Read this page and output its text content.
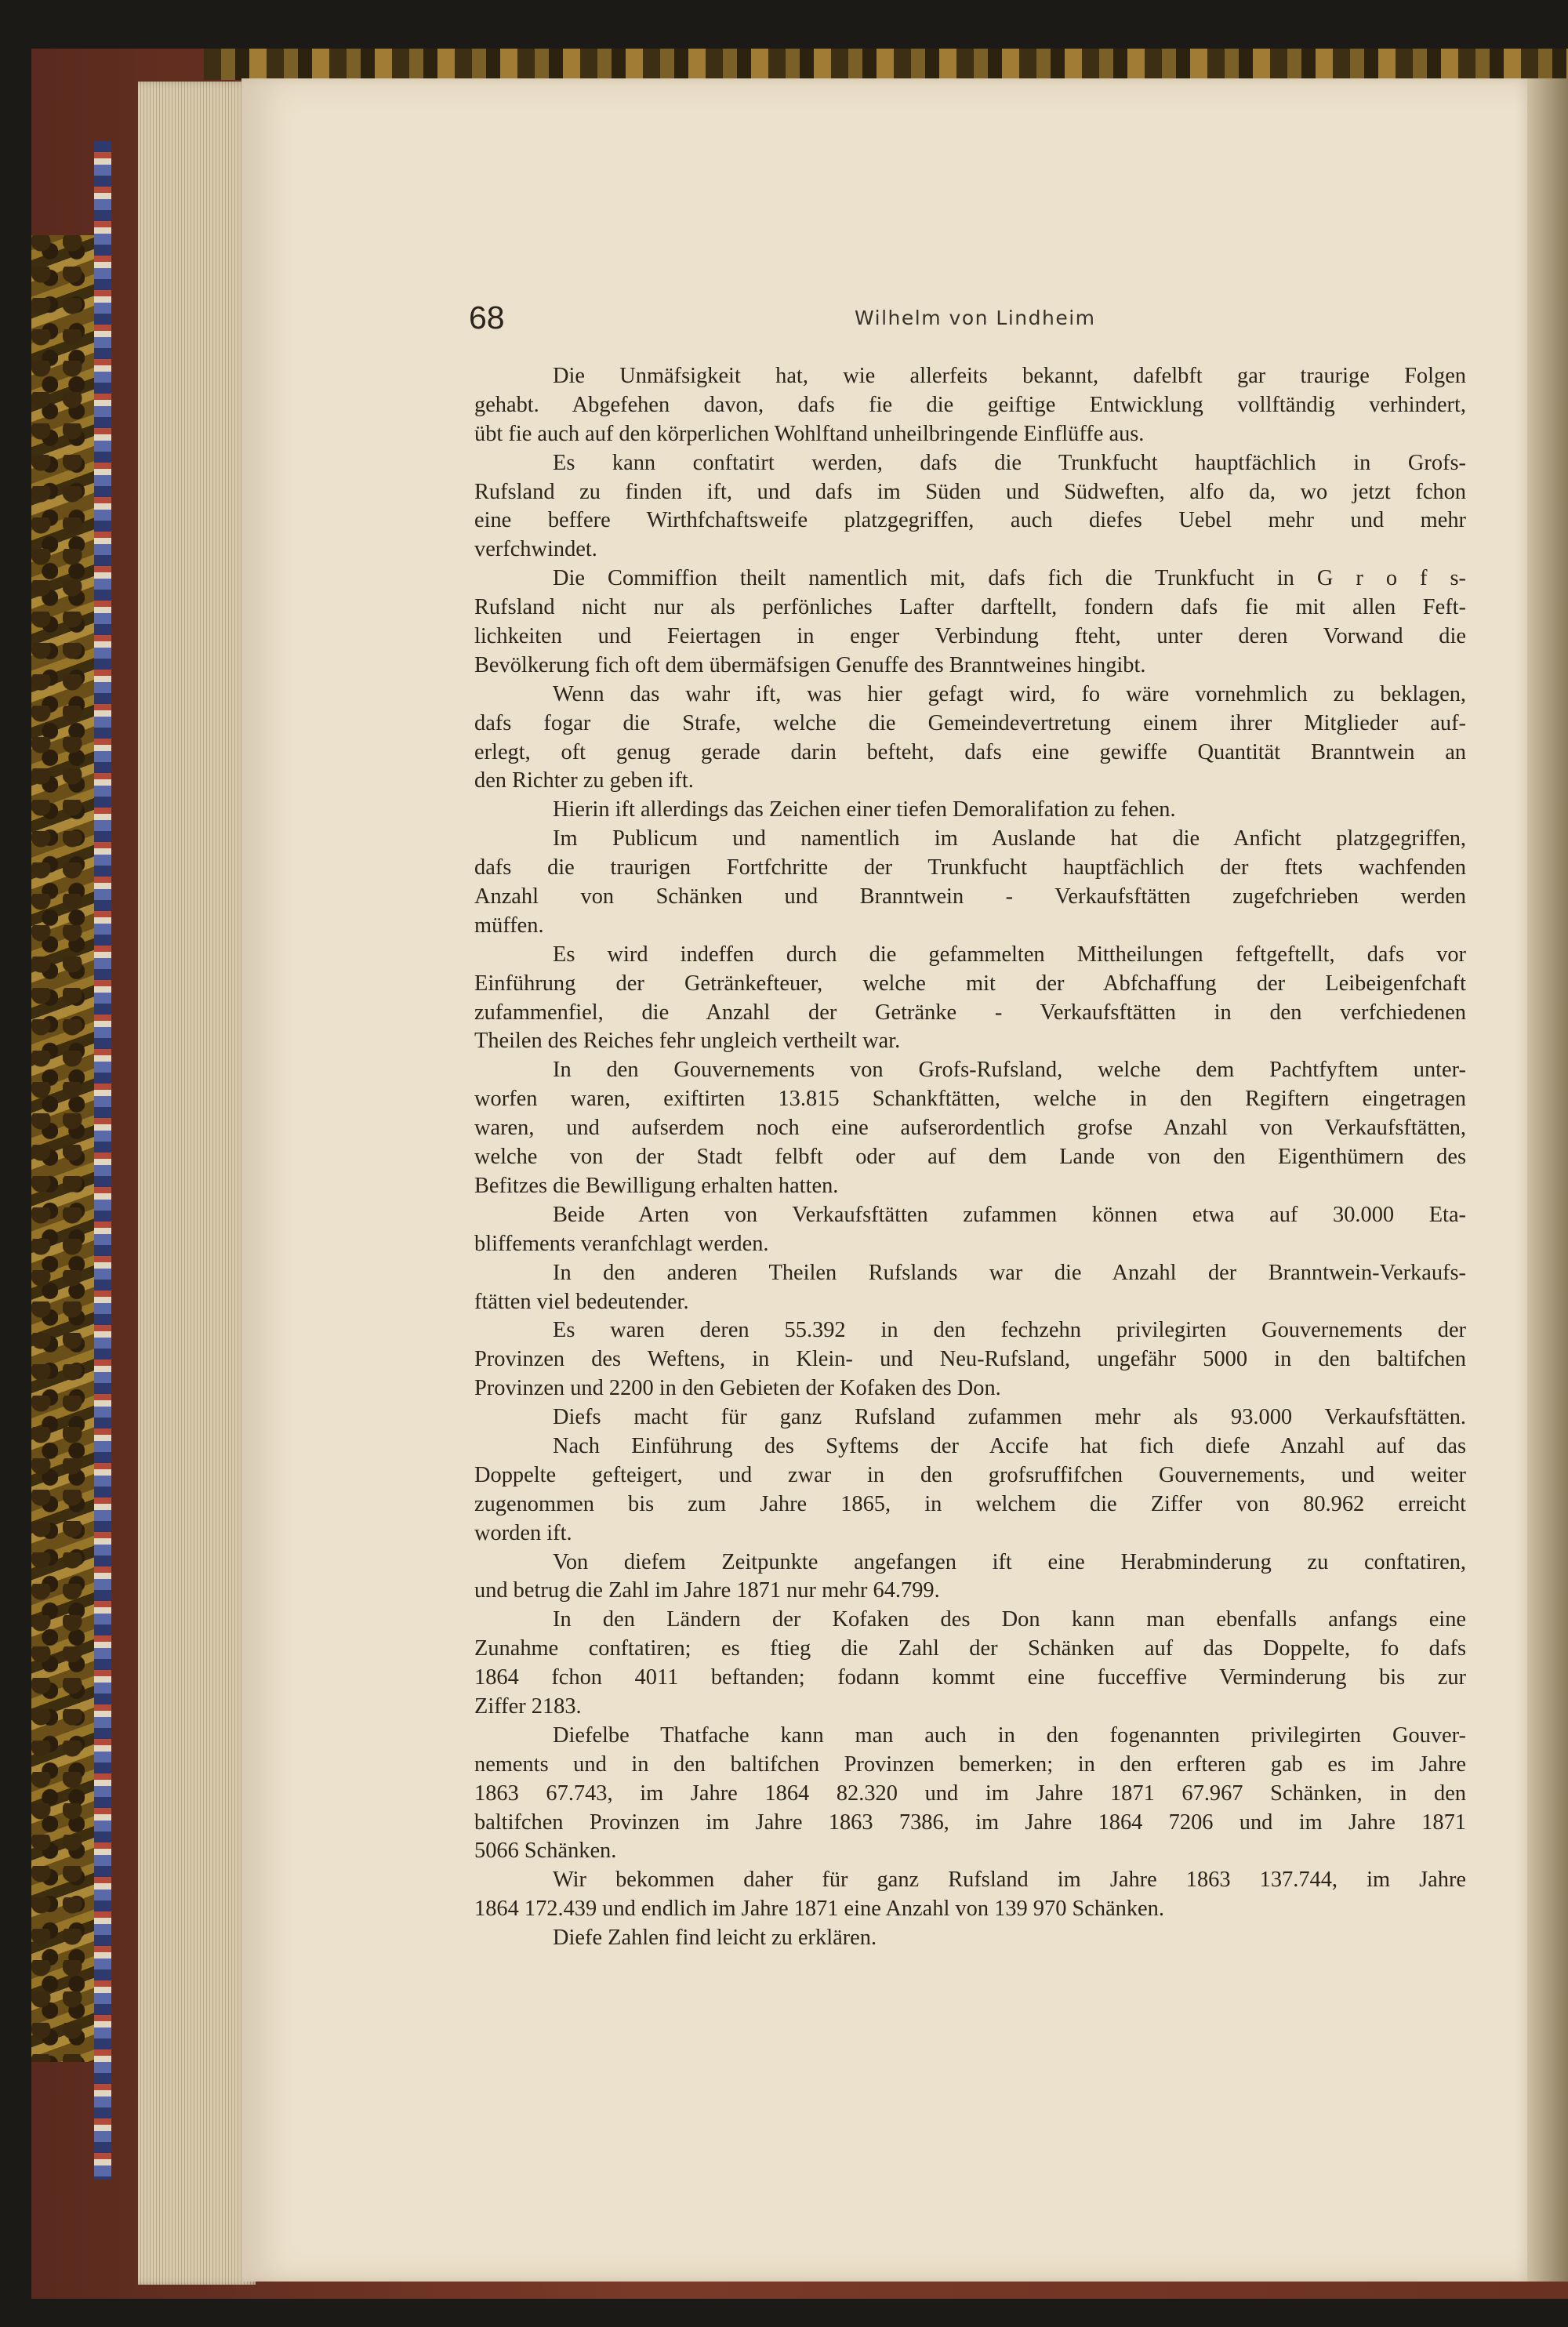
68	Wilhelm von Lindheim
Die Unmäfsigkeit hat, wie allerfeits bekannt, dafelbft gar traurige Folgen
gehabt. Abgefehen davon, dafs fie die geiftige Entwicklung vollftändig verhindert,
übt fie auch auf den körperlichen Wohlftand unheilbringende Einflüffe aus.
Es kann conftatirt werden, dafs die Trunkfucht hauptfächlich in Grofs-
Rufsland zu finden ift, und dafs im Süden und Südweften, alfo da, wo jetzt fchon
eine beffere Wirthfchaftsweife platzgegriffen, auch diefes Uebel mehr und mehr
verfchwindet.
Die Commiffion theilt namentlich mit, dafs fich die Trunkfucht in G r o f s-
Rufsland nicht nur als perfönliches Lafter darftellt, fondern dafs fie mit allen Feft-
lichkeiten und Feiertagen in enger Verbindung fteht, unter deren Vorwand die
Bevölkerung fich oft dem übermäfsigen Genuffe des Branntweines hingibt.
Wenn das wahr ift, was hier gefagt wird, fo wäre vornehmlich zu beklagen,
dafs fogar die Strafe, welche die Gemeindevertretung einem ihrer Mitglieder auf-
erlegt, oft genug gerade darin befteht, dafs eine gewiffe Quantität Branntwein an
den Richter zu geben ift.
Hierin ift allerdings das Zeichen einer tiefen Demoralifation zu fehen.
Im Publicum und namentlich im Auslande hat die Anficht platzgegriffen,
dafs die traurigen Fortfchritte der Trunkfucht hauptfächlich der ftets wachfenden
Anzahl von Schänken und Branntwein - Verkaufsftätten zugefchrieben werden
müffen.
Es wird indeffen durch die gefammelten Mittheilungen feftgeftellt, dafs vor
Einführung der Getränkefteuer, welche mit der Abfchaffung der Leibeigenfchaft
zufammenfiel, die Anzahl der Getränke - Verkaufsftätten in den verfchiedenen
Theilen des Reiches fehr ungleich vertheilt war.
In den Gouvernements von Grofs-Rufsland, welche dem Pachtfyftem unter-
worfen waren, exiftirten 13.815 Schankftätten, welche in den Regiftern eingetragen
waren, und aufserdem noch eine aufserordentlich grofse Anzahl von Verkaufsftätten,
welche von der Stadt felbft oder auf dem Lande von den Eigenthümern des
Befitzes die Bewilligung erhalten hatten.
Beide Arten von Verkaufsftätten zufammen können etwa auf 30.000 Eta-
bliffements veranfchlagt werden.
In den anderen Theilen Rufslands war die Anzahl der Branntwein-Verkaufs-
ftätten viel bedeutender.
Es waren deren 55.392 in den fechzehn privilegirten Gouvernements der
Provinzen des Weftens, in Klein- und Neu-Rufsland, ungefähr 5000 in den baltifchen
Provinzen und 2200 in den Gebieten der Kofaken des Don.
Diefs macht für ganz Rufsland zufammen mehr als 93.000 Verkaufsftätten.
Nach Einführung des Syftems der Accife hat fich diefe Anzahl auf das
Doppelte gefteigert, und zwar in den grofsruffifchen Gouvernements, und weiter
zugenommen bis zum Jahre 1865, in welchem die Ziffer von 80.962 erreicht
worden ift.
Von diefem Zeitpunkte angefangen ift eine Herabminderung zu conftatiren,
und betrug die Zahl im Jahre 1871 nur mehr 64.799.
In den Ländern der Kofaken des Don kann man ebenfalls anfangs eine
Zunahme conftatiren; es ftieg die Zahl der Schänken auf das Doppelte, fo dafs
1864 fchon 4011 beftanden; fodann kommt eine fucceffive Verminderung bis zur
Ziffer 2183.
Diefelbe Thatfache kann man auch in den fogenannten privilegirten Gouver-
nements und in den baltifchen Provinzen bemerken; in den erfteren gab es im Jahre
1863 67.743, im Jahre 1864 82.320 und im Jahre 1871 67.967 Schänken, in den
baltifchen Provinzen im Jahre 1863 7386, im Jahre 1864 7206 und im Jahre 1871
5066 Schänken.
Wir bekommen daher für ganz Rufsland im Jahre 1863 137.744, im Jahre
1864 172.439 und endlich im Jahre 1871 eine Anzahl von 139 970 Schänken.
Diefe Zahlen find leicht zu erklären.
